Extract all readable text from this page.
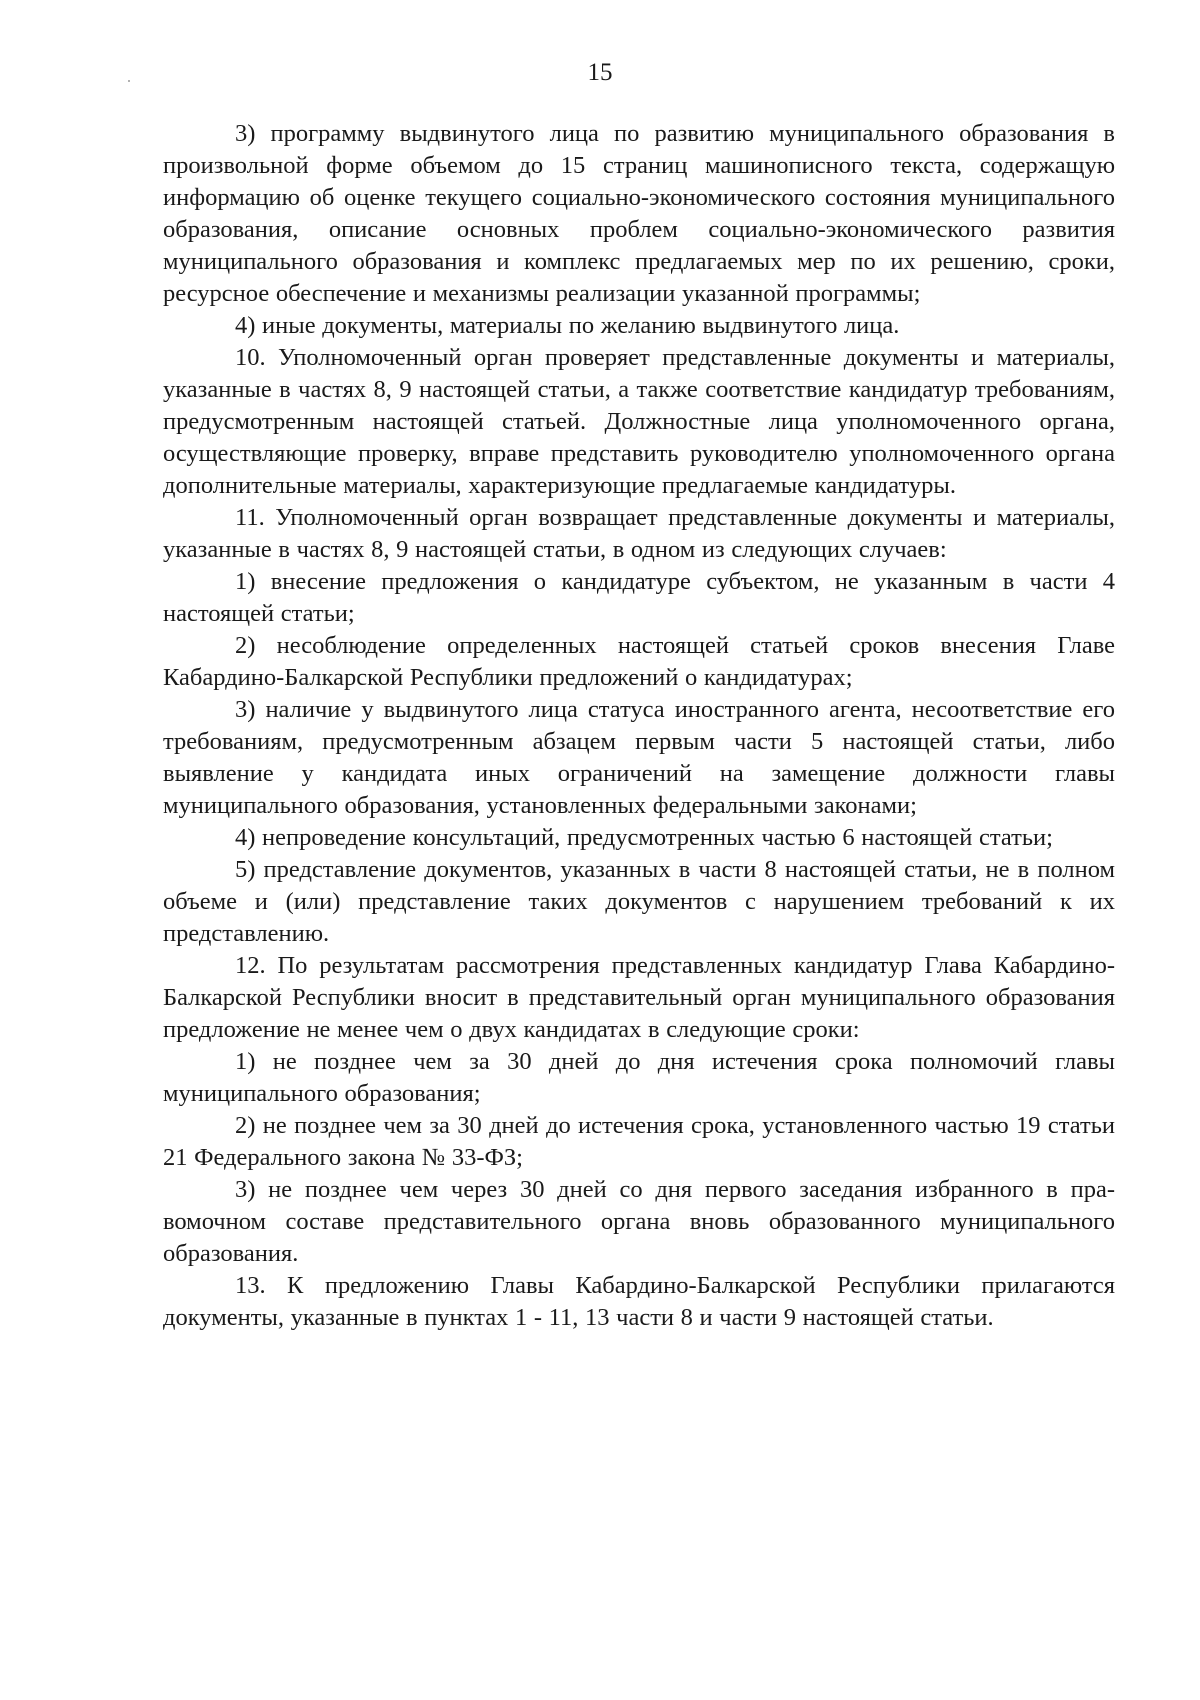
15

3) программу выдвинутого лица по развитию муниципального образования в произвольной форме объемом до 15 страниц машинописного текста, содержащую информацию об оценке текущего социально-экономического состояния муниципального образования, описание основных проблем социально-экономического развития муниципального образования и комплекс предлагаемых мер по их решению, сроки, ресурсное обеспечение и механизмы реализации указанной программы;

4) иные документы, материалы по желанию выдвинутого лица.

10. Уполномоченный орган проверяет представленные документы и материалы, указанные в частях 8, 9 настоящей статьи, а также соответствие кандидатур требованиям, предусмотренным настоящей статьей. Должностные лица уполномоченного органа, осуществляющие проверку, вправе представить руководителю уполномоченного органа дополнительные материалы, характеризующие предлагаемые кандидатуры.

11. Уполномоченный орган возвращает представленные документы и материалы, указанные в частях 8, 9 настоящей статьи, в одном из следующих случаев:

1) внесение предложения о кандидатуре субъектом, не указанным в части 4 настоящей статьи;

2) несоблюдение определенных настоящей статьей сроков внесения Главе Кабардино-Балкарской Республики предложений о кандидатурах;

3) наличие у выдвинутого лица статуса иностранного агента, несоответствие его требованиям, предусмотренным абзацем первым части 5 настоящей статьи, либо выявление у кандидата иных ограничений на замещение должности главы муниципального образования, установленных федеральными законами;

4) непроведение консультаций, предусмотренных частью 6 настоящей статьи;

5) представление документов, указанных в части 8 настоящей статьи, не в полном объеме и (или) представление таких документов с нарушением требований к их представлению.

12. По результатам рассмотрения представленных кандидатур Глава Кабардино-Балкарской Республики вносит в представительный орган муниципального образования предложение не менее чем о двух кандидатах в следующие сроки:

1) не позднее чем за 30 дней до дня истечения срока полномочий главы муниципального образования;

2) не позднее чем за 30 дней до истечения срока, установленного частью 19 статьи 21 Федерального закона № 33-ФЗ;

3) не позднее чем через 30 дней со дня первого заседания избранного в правомочном составе представительного органа вновь образованного муниципального образования.

13. К предложению Главы Кабардино-Балкарской Республики прилагаются документы, указанные в пунктах 1 - 11, 13 части 8 и части 9 настоящей статьи.
